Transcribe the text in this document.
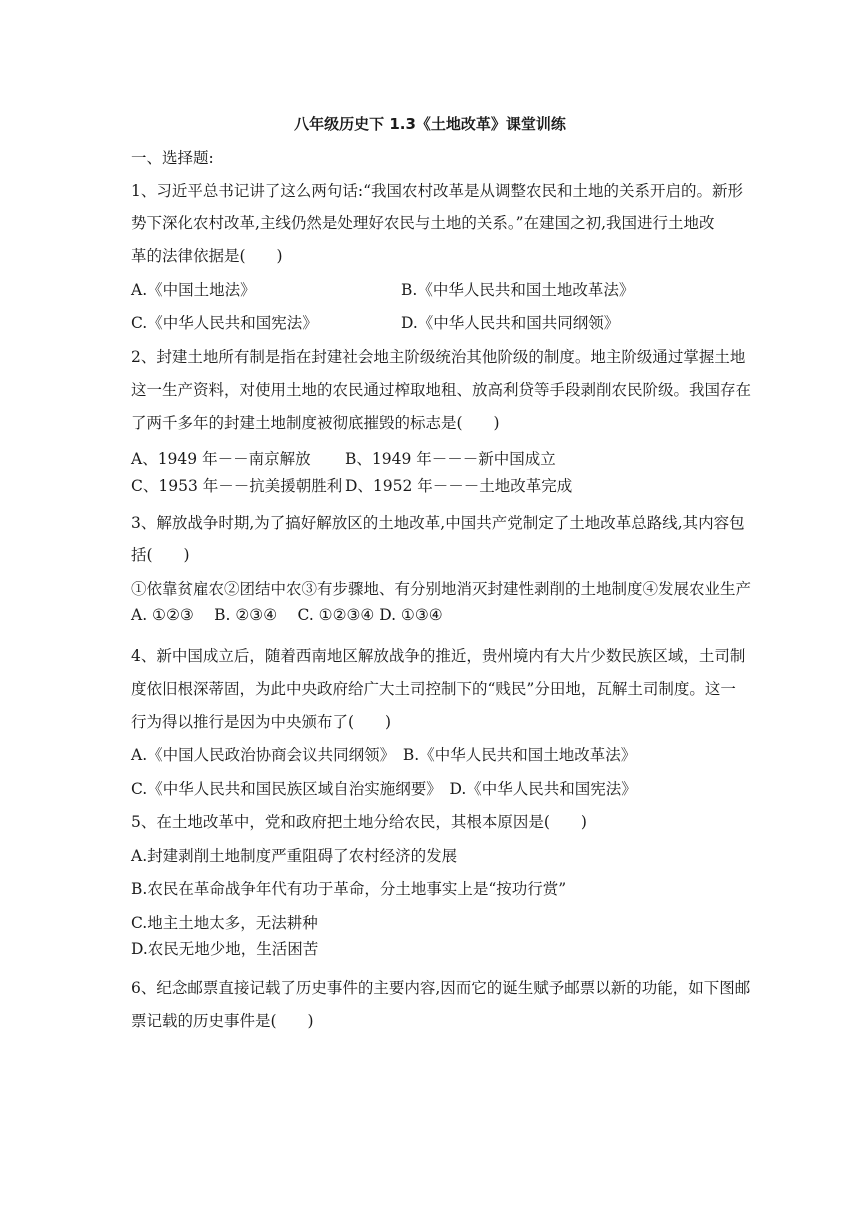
八年级历史下 1.3《土地改革》课堂训练
一、选择题:
1、习近平总书记讲了这么两句话:“我国农村改革是从调整农民和土地的关系开启的。新形
势下深化农村改革,主线仍然是处理好农民与土地的关系。”在建国之初,我国进行土地改
革的法律依据是(　　)
A.《中国土地法》	B.《中华人民共和国土地改革法》
C.《中华人民共和国宪法》	D.《中华人民共和国共同纲领》
2、封建土地所有制是指在封建社会地主阶级统治其他阶级的制度。地主阶级通过掌握土地
这一生产资料，对使用土地的农民通过榨取地租、放高利贷等手段剥削农民阶级。我国存在
了两千多年的封建土地制度被彻底摧毁的标志是(　　)
A、1949 年－－南京解放 B、1949 年－－－新中国成立
C、1953 年－－抗美援朝胜利 D、1952 年－－－土地改革完成
3、解放战争时期,为了搞好解放区的土地改革,中国共产党制定了土地改革总路线,其内容包
括(　　)
①依靠贫雇农②团结中农③有步骤地、有分别地消灭封建性剥削的土地制度④发展农业生产
A. ①②③　 B. ②③④　 C. ①②③④ D. ①③④
4、新中国成立后，随着西南地区解放战争的推近，贵州境内有大片少数民族区域，土司制
度依旧根深蒂固，为此中央政府给广大土司控制下的“贱民”分田地，瓦解土司制度。这一
行为得以推行是因为中央颁布了(　　)
A.《中国人民政治协商会议共同纲领》　B.《中华人民共和国土地改革法》
C.《中华人民共和国民族区域自治实施纲要》　D.《中华人民共和国宪法》
5、在土地改革中，党和政府把土地分给农民，其根本原因是(　　)
A.封建剥削土地制度严重阻碍了农村经济的发展
B.农民在革命战争年代有功于革命，分土地事实上是“按功行赏”
C.地主土地太多，无法耕种
D.农民无地少地，生活困苦
6、纪念邮票直接记载了历史事件的主要内容,因而它的诞生赋予邮票以新的功能，如下图邮
票记载的历史事件是(　　)
